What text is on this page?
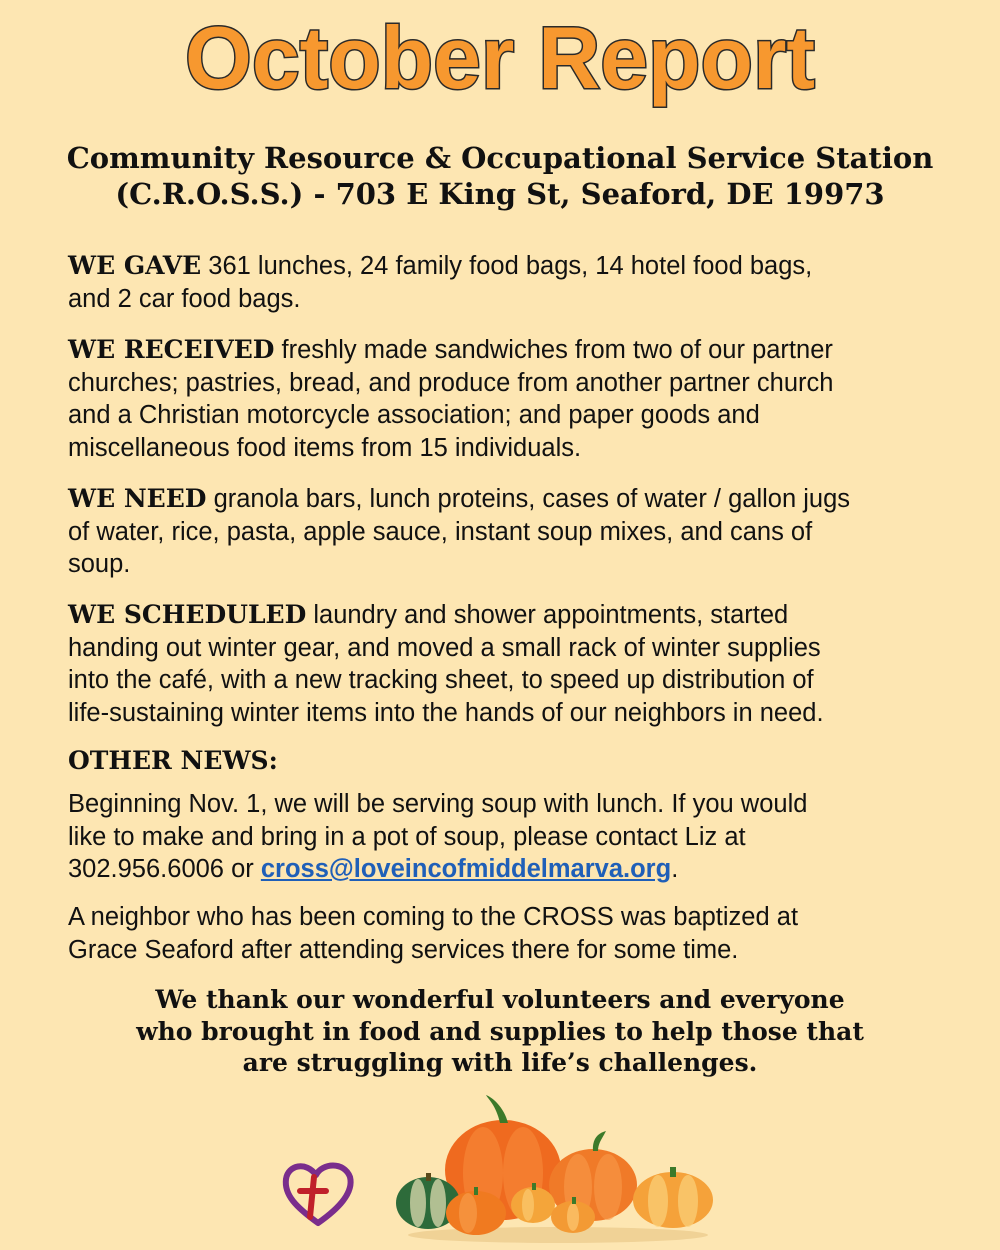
October Report
Community Resource & Occupational Service Station
(C.R.O.S.S.) - 703 E King St, Seaford, DE 19973
WE GAVE 361 lunches, 24 family food bags, 14 hotel food bags,
and 2 car food bags.
WE RECEIVED freshly made sandwiches from two of our partner
churches; pastries, bread, and produce from another partner church
and a Christian motorcycle association; and paper goods and
miscellaneous food items from 15 individuals.
WE NEED granola bars, lunch proteins, cases of water / gallon jugs
of water, rice, pasta, apple sauce, instant soup mixes, and cans of
soup.
WE SCHEDULED laundry and shower appointments, started
handing out winter gear, and moved a small rack of winter supplies
into the café, with a new tracking sheet, to speed up distribution of
life-sustaining winter items into the hands of our neighbors in need.
OTHER NEWS:
Beginning Nov. 1, we will be serving soup with lunch. If you would
like to make and bring in a pot of soup, please contact Liz at
302.956.6006 or cross@loveincofmiddelmarva.org.
A neighbor who has been coming to the CROSS was baptized at
Grace Seaford after attending services there for some time.
We thank our wonderful volunteers and everyone
who brought in food and supplies to help those that
are struggling with life’s challenges.
